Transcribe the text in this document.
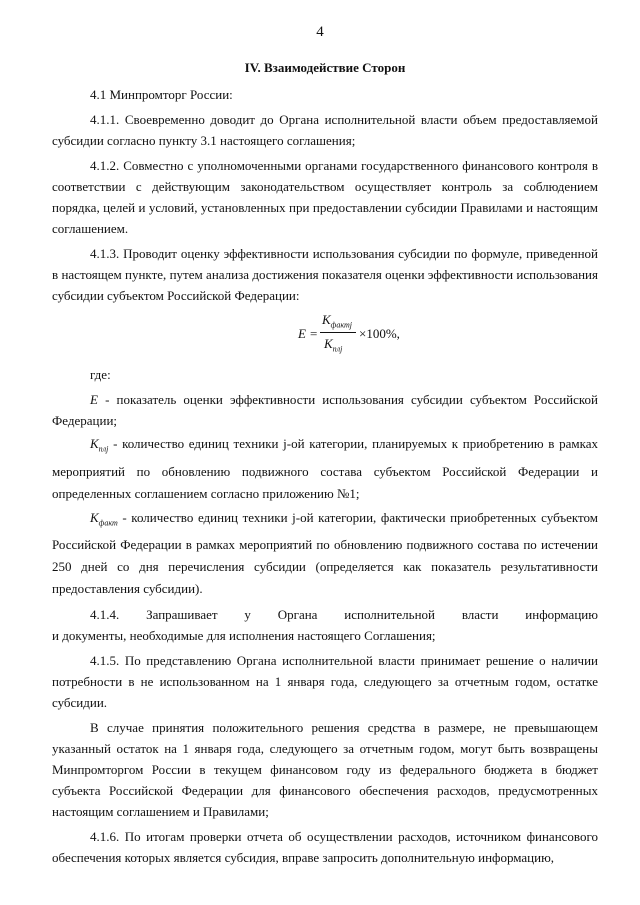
4
IV. Взаимодействие Сторон

4.1 Минпромторг России:

4.1.1. Своевременно доводит до Органа исполнительной власти объем предоставляемой субсидии согласно пункту 3.1 настоящего соглашения;

4.1.2. Совместно с уполномоченными органами государственного финансового контроля в соответствии с действующим законодательством осуществляет контроль за соблюдением порядка, целей и условий, установленных при предоставлении субсидии Правилами и настоящим соглашением.

4.1.3. Проводит оценку эффективности использования субсидии по формуле, приведенной в настоящем пункте, путем анализа достижения показателя оценки эффективности использования субсидии субъектом Российской Федерации:

E =
$K_{фактj}$
$K_{плj}$
×100%,

где:

E - показатель оценки эффективности использования субсидии субъектом Российской Федерации;

$K_{плj}$ - количество единиц техники j-ой категории, планируемых к приобретению в рамках мероприятий по обновлению подвижного состава субъектом Российской Федерации и определенных соглашением согласно приложению №1;

$K_{факт}$ - количество единиц техники j-ой категории, фактически приобретенных субъектом Российской Федерации в рамках мероприятий по обновлению подвижного состава по истечении 250 дней со дня перечисления субсидии (определяется как показатель результативности предоставления субсидии).

4.1.4. Запрашивает у Органа исполнительной власти информацию

и документы, необходимые для исполнения настоящего Соглашения;

4.1.5. По представлению Органа исполнительной власти принимает решение о наличии потребности в не использованном на 1 января года, следующего за отчетным годом, остатке субсидии.

В случае принятия положительного решения средства в размере, не превышающем указанный остаток на 1 января года, следующего за отчетным годом, могут быть возвращены Минпромторгом России в текущем финансовом году из федерального бюджета в бюджет субъекта Российской Федерации для финансового обеспечения расходов, предусмотренных настоящим соглашением и Правилами;

4.1.6. По итогам проверки отчета об осуществлении расходов, источником финансового обеспечения которых является субсидия, вправе запросить дополнительную информацию,
